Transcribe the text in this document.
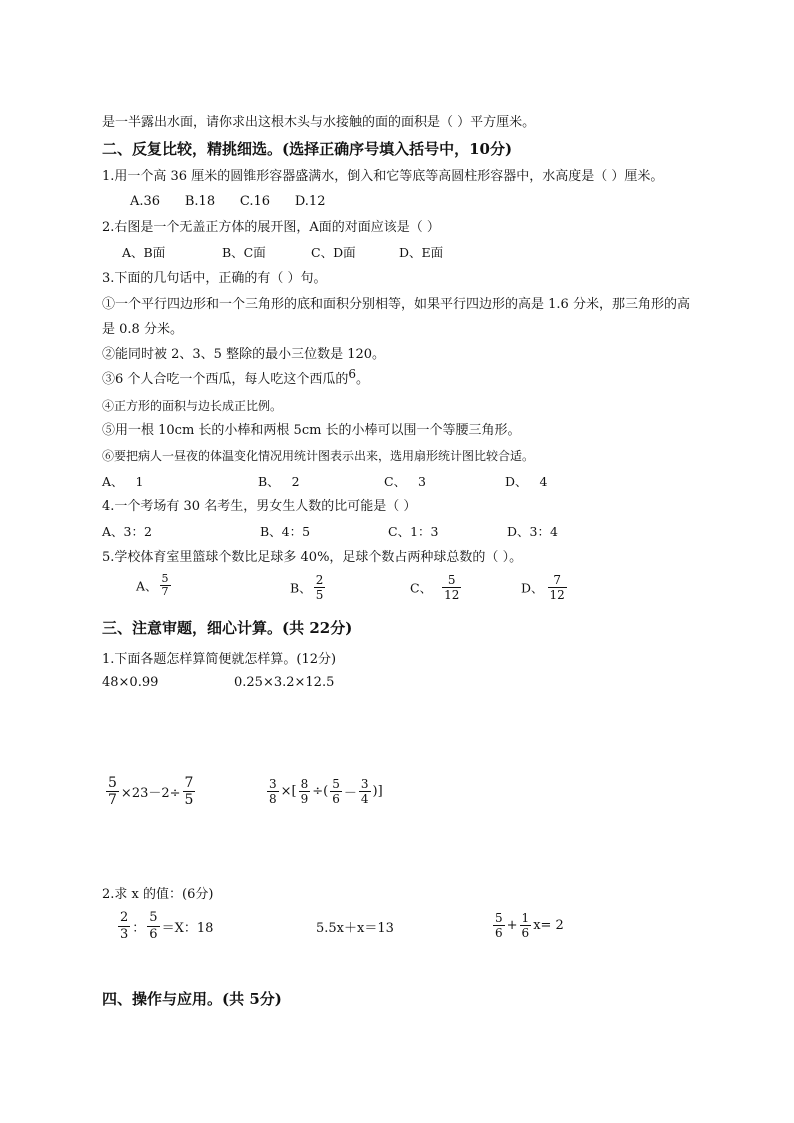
是一半露出水面，请你求出这根木头与水接触的面的面积是（ ）平方厘米。
二、反复比较，精挑细选。(选择正确序号填入括号中，10分)
1.用一个高 36 厘米的圆锥形容器盛满水，倒入和它等底等高圆柱形容器中，水高度是（ ）厘米。
A.36      B.18      C.16      D.12
2.右图是一个无盖正方体的展开图，A面的对面应该是（ ）
A、B面	B、C面	C、D面	D、E面
3.下面的几句话中，正确的有（ ）句。
①一个平行四边形和一个三角形的底和面积分别相等，如果平行四边形的高是 1.6 分米，那三角形的高
是 0.8 分米。
②能同时被 2、3、5 整除的最小三位数是 120。
③6 个人合吃一个西瓜，每人吃这个西瓜的6。
④正方形的面积与边长成正比例。
⑤用一根 10cm 长的小棒和两根 5cm 长的小棒可以围一个等腰三角形。
⑥要把病人一昼夜的体温变化情况用统计图表示出来，选用扇形统计图比较合适。
A、   1	B、   2	C、   3	D、   4
4.一个考场有 30 名考生，男女生人数的比可能是（ ）
A、3：2	B、4：5	C、1：3	D、3：4
5.学校体育室里篮球个数比足球多 40%，足球个数占两种球总数的（ ）。
A、 $\frac{5}{7}$	B、 $\frac{2}{5}$	C、 $\frac{5}{12}$	D、 $\frac{7}{12}$
三、注意审题，细心计算。(共 22分)
1.下面各题怎样算简便就怎样算。(12分)
48×0.99	0.25×3.2×12.5
$\frac{5}{7} \times 23-2\div \frac{7}{5}$	$\frac{3}{8}$ ×[ $\frac{8}{9}$ ÷( $\frac{5}{6} - \frac{3}{4}$ )]
2.求 x 的值：(6分)
$\frac{2}{3}$ ： $\frac{5}{6} =X$：18	5.5x＋x＝13	$\frac{5}{6} + \frac{1}{6} x= 2$
四、操作与应用。(共 5分)
